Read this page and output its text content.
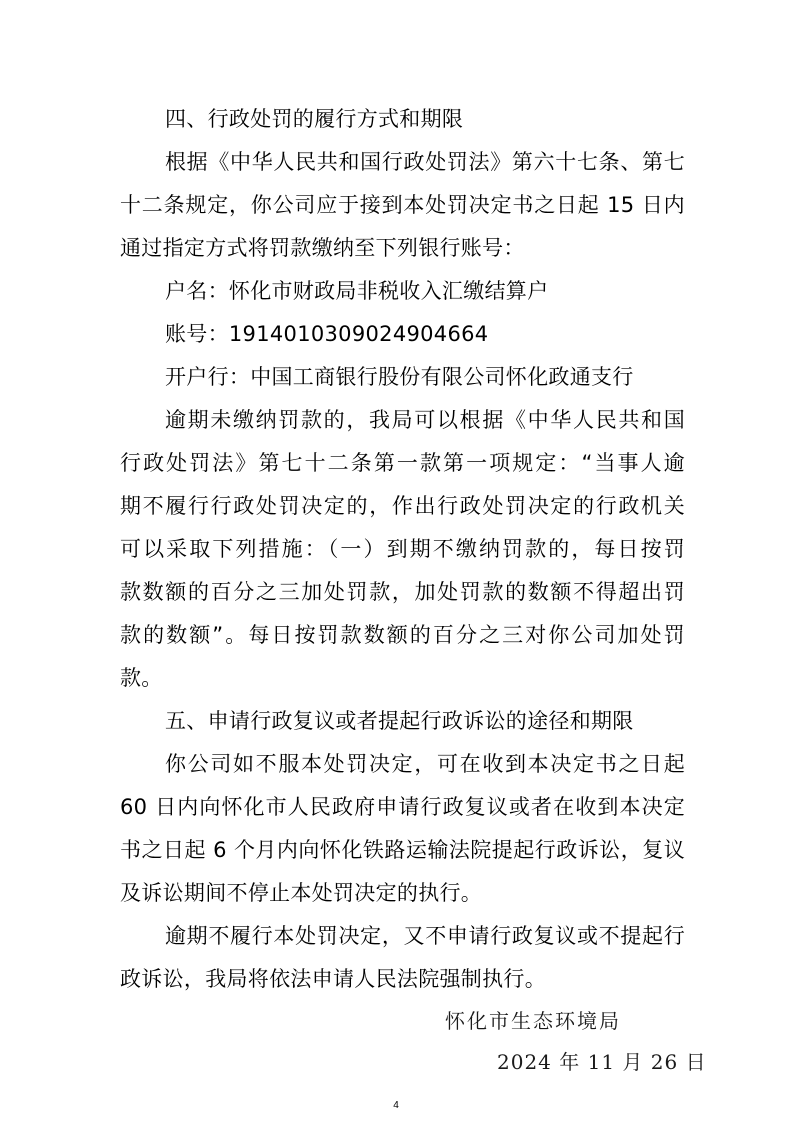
四、行政处罚的履行方式和期限
根据《中华人民共和国行政处罚法》第六十七条、第七
十二条规定，你公司应于接到本处罚决定书之日起 15 日内
通过指定方式将罚款缴纳至下列银行账号：
户名：怀化市财政局非税收入汇缴结算户
账号：1914010309024904664
开户行：中国工商银行股份有限公司怀化政通支行
逾期未缴纳罚款的，我局可以根据《中华人民共和国
行政处罚法》第七十二条第一款第一项规定：“当事人逾
期不履行行政处罚决定的，作出行政处罚决定的行政机关
可以采取下列措施：（一）到期不缴纳罚款的，每日按罚
款数额的百分之三加处罚款，加处罚款的数额不得超出罚
款的数额”。每日按罚款数额的百分之三对你公司加处罚
款。
五、申请行政复议或者提起行政诉讼的途径和期限
你公司如不服本处罚决定，可在收到本决定书之日起
60 日内向怀化市人民政府申请行政复议或者在收到本决定
书之日起 6 个月内向怀化铁路运输法院提起行政诉讼，复议
及诉讼期间不停止本处罚决定的执行。
逾期不履行本处罚决定，又不申请行政复议或不提起行
政诉讼，我局将依法申请人民法院强制执行。
怀化市生态环境局
2024 年 11 月 26 日
4
